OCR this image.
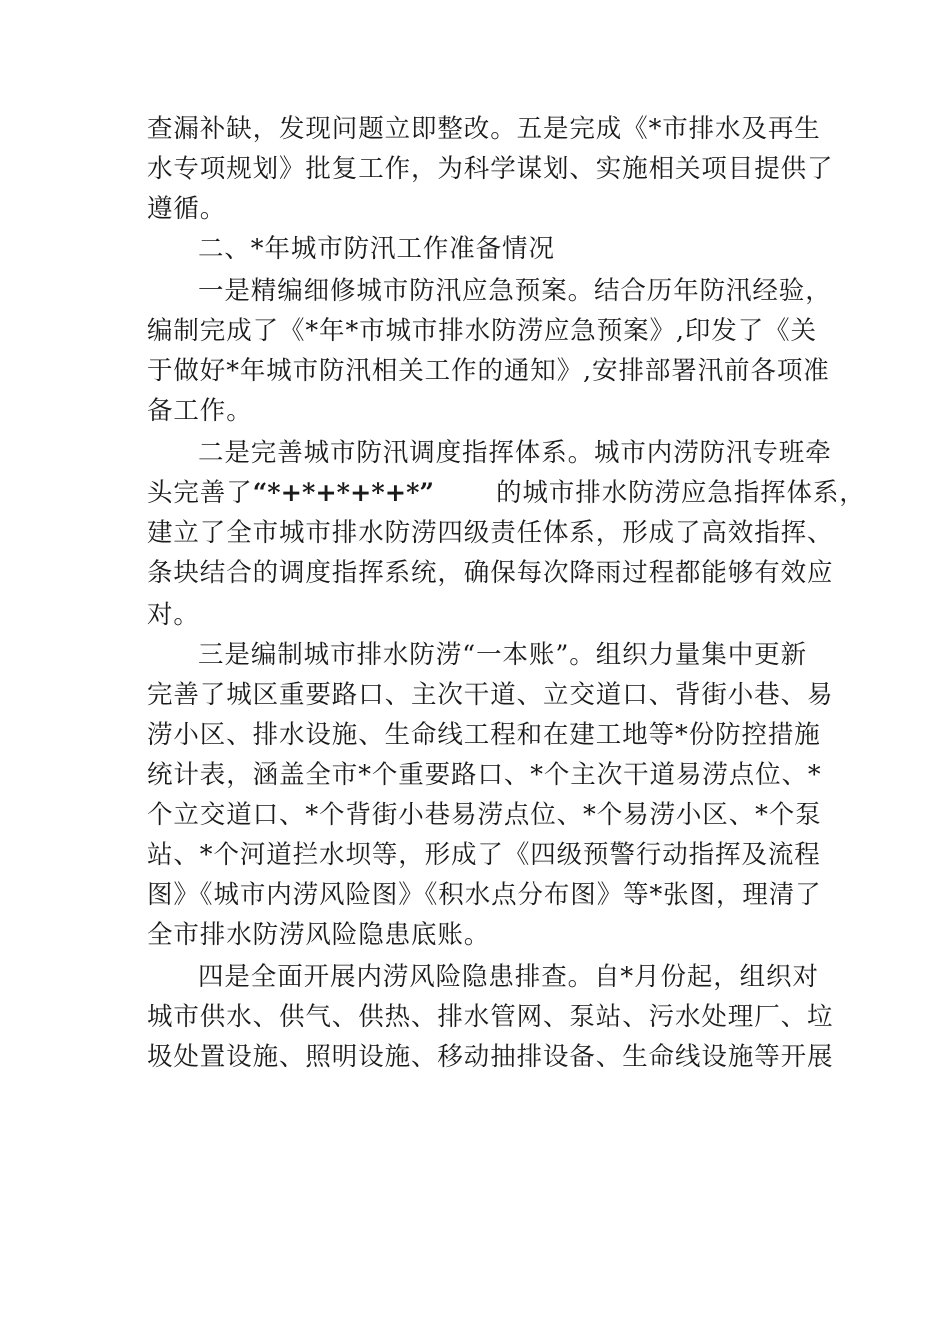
查漏补缺，发现问题立即整改。五是完成《*市排水及再生
水专项规划》批复工作，为科学谋划、实施相关项目提供了
遵循。
二、*年城市防汛工作准备情况
一是精编细修城市防汛应急预案。结合历年防汛经验，
编制完成了《*年*市城市排水防涝应急预案》,印发了《关
于做好*年城市防汛相关工作的通知》,安排部署汛前各项准
备工作。
二是完善城市防汛调度指挥体系。城市内涝防汛专班牵
头完善了“*+*+*+*+*” 的城市排水防涝应急指挥体系，
建立了全市城市排水防涝四级责任体系，形成了高效指挥、
条块结合的调度指挥系统，确保每次降雨过程都能够有效应
对。
三是编制城市排水防涝“一本账”。组织力量集中更新
完善了城区重要路口、主次干道、立交道口、背街小巷、易
涝小区、排水设施、生命线工程和在建工地等*份防控措施
统计表，涵盖全市*个重要路口、*个主次干道易涝点位、*
个立交道口、*个背街小巷易涝点位、*个易涝小区、*个泵
站、*个河道拦水坝等，形成了《四级预警行动指挥及流程
图》《城市内涝风险图》《积水点分布图》等*张图，理清了
全市排水防涝风险隐患底账。
四是全面开展内涝风险隐患排查。自*月份起，组织对
城市供水、供气、供热、排水管网、泵站、污水处理厂、垃
圾处置设施、照明设施、移动抽排设备、生命线设施等开展
